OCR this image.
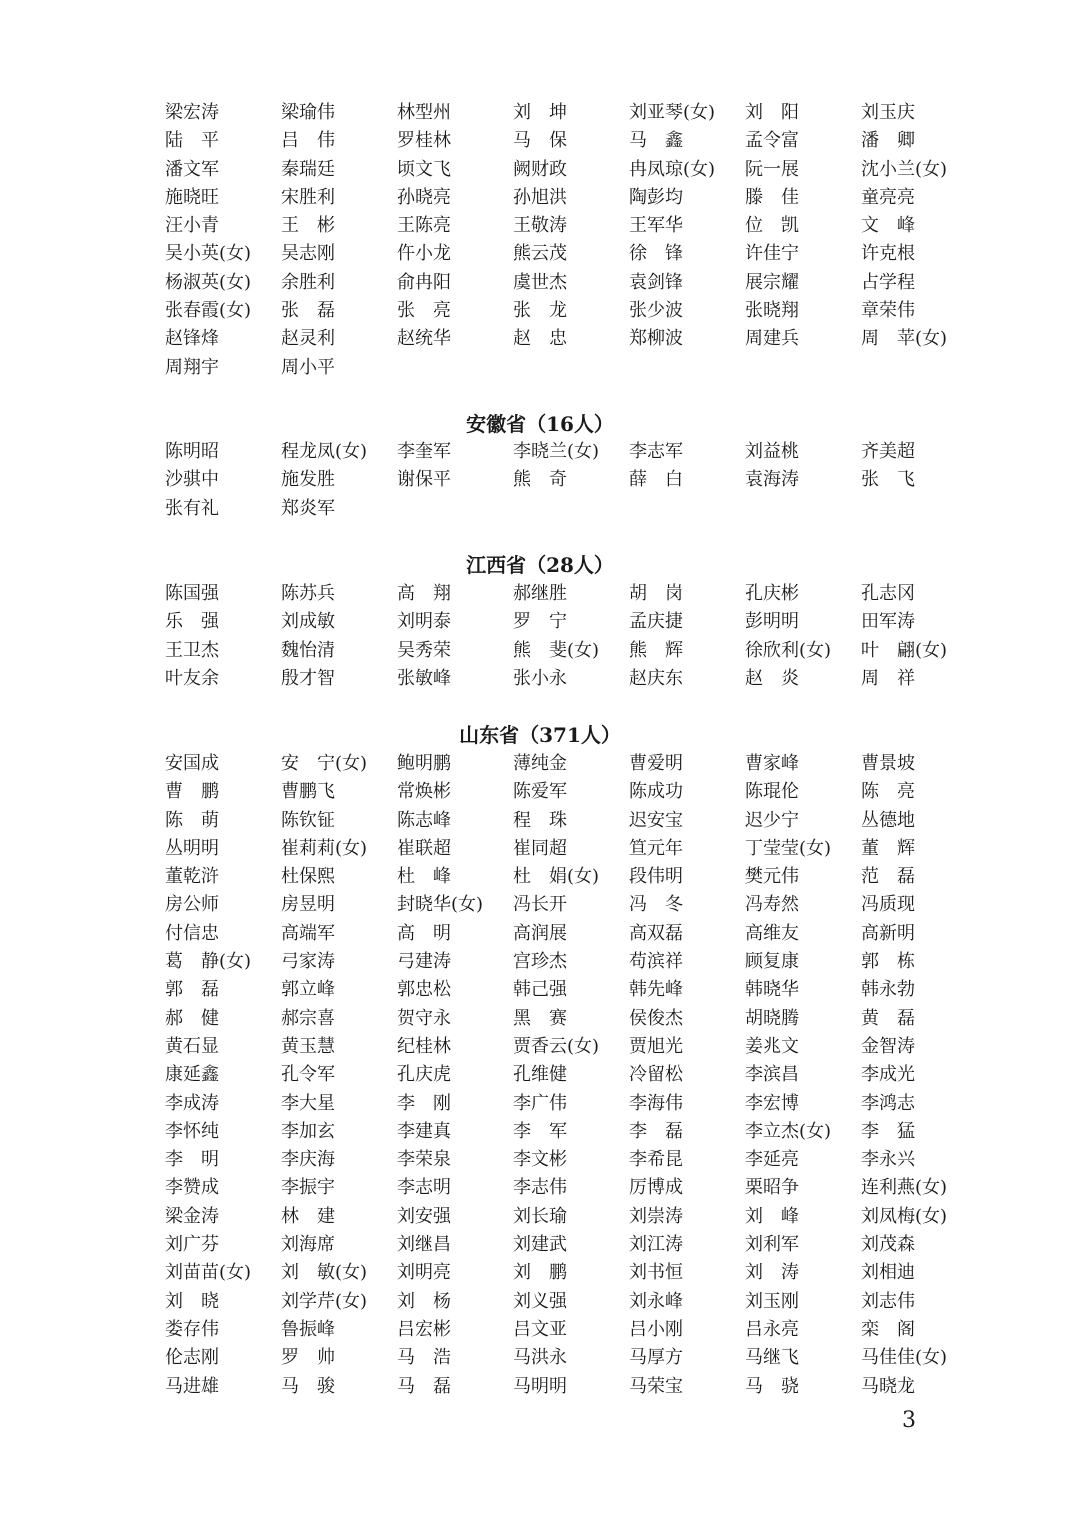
梁宏涛	梁瑜伟	林型州	刘　坤	刘亚琴(女) 刘　阳	刘玉庆
陆　平	吕　伟	罗桂林	马　保	马　鑫	孟令富	潘　卿
潘文军	秦瑞廷	顷文飞	阙财政	冉凤琼(女) 阮一展	沈小兰(女)
施晓旺	宋胜利	孙晓亮	孙旭洪	陶彭均	滕　佳	童亮亮
汪小青	王　彬	王陈亮	王敬涛	王军华	位　凯	文　峰
吴小英(女) 吴志刚	仵小龙	熊云茂	徐　锋	许佳宁	许克根
杨淑英(女) 余胜利	俞冉阳	虞世杰	袁剑锋	展宗耀	占学程
张春霞(女) 张　磊	张　亮	张　龙	张少波	张晓翔	章荣伟
赵锋烽	赵灵利	赵统华	赵　忠	郑柳波	周建兵	周　苹(女)
周翔宇	周小平
安徽省（16人）
陈明昭	程龙凤(女) 李奎军	李晓兰(女) 李志军	刘益桃	齐美超
沙骐中	施发胜	谢保平	熊　奇	薛　白	袁海涛	张　飞
张有礼	郑炎军
江西省（28人）
陈国强	陈苏兵	高　翔	郝继胜	胡　岗	孔庆彬	孔志冈
乐　强	刘成敏	刘明泰	罗　宁	孟庆捷	彭明明	田军涛
王卫杰	魏怡清	吴秀荣	熊　斐(女) 熊　辉	徐欣利(女) 叶　翩(女)
叶友余	殷才智	张敏峰	张小永	赵庆东	赵　炎	周　祥
山东省（371人）
安国成	安　宁(女) 鲍明鹏	薄纯金	曹爱明	曹家峰	曹景坡
曹　鹏	曹鹏飞	常焕彬	陈爱军	陈成功	陈琨伦	陈　亮
陈　萌	陈钦钲	陈志峰	程　珠	迟安宝	迟少宁	丛德地
丛明明	崔莉莉(女) 崔联超	崔同超	笪元年	丁莹莹(女) 董　辉
董乾浒	杜保熙	杜　峰	杜　娟(女) 段伟明	樊元伟	范　磊
房公师	房昱明	封晓华(女) 冯长开	冯　冬	冯寿然	冯质现
付信忠	高端军	高　明	高润展	高双磊	高维友	高新明
葛　静(女) 弓家涛	弓建涛	宫珍杰	苟滨祥	顾复康	郭　栋
郭　磊	郭立峰	郭忠松	韩己强	韩先峰	韩晓华	韩永勃
郝　健	郝宗喜	贺守永	黑　赛	侯俊杰	胡晓腾	黄　磊
黄石显	黄玉慧	纪桂林	贾香云(女) 贾旭光	姜兆文	金智涛
康延鑫	孔令军	孔庆虎	孔维健	冷留松	李滨昌	李成光
李成涛	李大星	李　刚	李广伟	李海伟	李宏博	李鸿志
李怀纯	李加玄	李建真	李　军	李　磊	李立杰(女) 李　猛
李　明	李庆海	李荣泉	李文彬	李希昆	李延亮	李永兴
李赞成	李振宇	李志明	李志伟	厉博成	栗昭争	连利燕(女)
梁金涛	林　建	刘安强	刘长瑜	刘崇涛	刘　峰	刘凤梅(女)
刘广芬	刘海席	刘继昌	刘建武	刘江涛	刘利军	刘茂森
刘苗苗(女) 刘　敏(女) 刘明亮	刘　鹏	刘书恒	刘　涛	刘相迪
刘　晓	刘学芹(女) 刘　杨	刘义强	刘永峰	刘玉刚	刘志伟
娄存伟	鲁振峰	吕宏彬	吕文亚	吕小刚	吕永亮	栾　阁
伦志刚	罗　帅	马　浩	马洪永	马厚方	马继飞	马佳佳(女)
马进雄	马　骏	马　磊	马明明	马荣宝	马　骁	马晓龙
3
